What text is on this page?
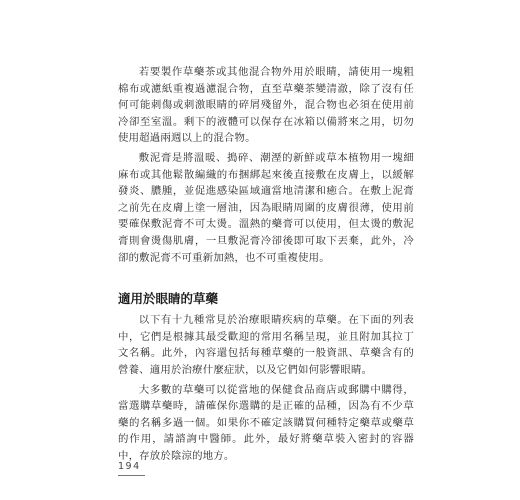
若要製作草藥茶或其他混合物外用於眼睛，請使用一塊粗棉布或濾紙重複過濾混合物，直至草藥茶變清澈，除了沒有任何可能刺傷或刺激眼睛的碎屑殘留外，混合物也必須在使用前冷卻至室溫。剩下的液體可以保存在冰箱以備將來之用，切勿使用超過兩週以上的混合物。

敷泥膏是將溫暖、搗碎、潮溼的新鮮或草本植物用一塊細麻布或其他鬆散編織的布捆綁起來後直接敷在皮膚上，以緩解發炎、膿腫，並促進感染區域適當地清潔和癒合。在敷上泥膏之前先在皮膚上塗一層油，因為眼睛周圍的皮膚很薄，使用前要確保敷泥膏不可太燙。溫熱的藥膏可以使用，但太燙的敷泥膏則會燙傷肌膚，一旦敷泥膏冷卻後即可取下丟棄，此外，冷卻的敷泥膏不可重新加熱，也不可重複使用。

適用於眼睛的草藥

以下有十九種常見於治療眼睛疾病的草藥。在下面的列表中，它們是根據其最受歡迎的常用名稱呈現，並且附加其拉丁文名稱。此外，內容還包括每種草藥的一般資訊、草藥含有的營養、適用於治療什麼症狀，以及它們如何影響眼睛。

大多數的草藥可以從當地的保健食品商店或郵購中購得，當選購草藥時，請確保你選購的是正確的品種，因為有不少草藥的名稱多過一個。如果你不確定該購買何種特定藥草或藥草的作用，請諮詢中醫師。此外，最好將藥草裝入密封的容器中，存放於陰涼的地方。

194
